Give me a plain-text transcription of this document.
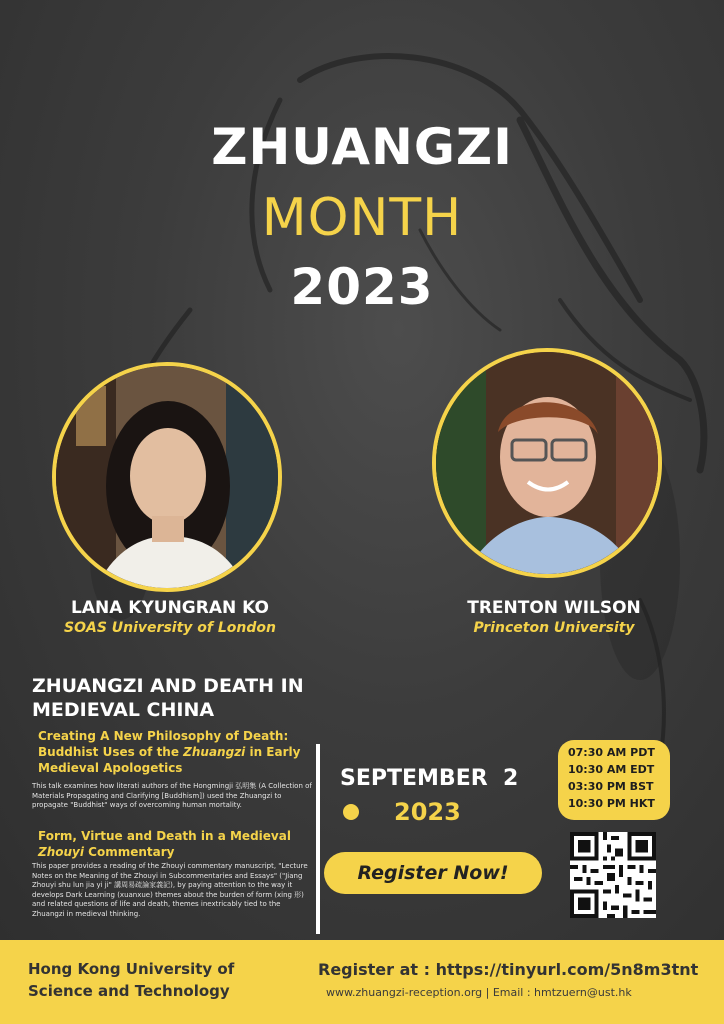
ZHUANGZI
MONTH
2023
LANA KYUNGRAN KO
SOAS University of London
TRENTON WILSON
Princeton University
ZHUANGZI AND DEATH IN MEDIEVAL CHINA
Creating A New Philosophy of Death: Buddhist Uses of the Zhuangzi in Early Medieval Apologetics
This talk examines how literati authors of the Hongmingji 弘明集 (A Collection of Materials Propagating and Clarifying [Buddhism]) used the Zhuangzi to propagate "Buddhist" ways of overcoming human mortality.
Form, Virtue and Death in a Medieval Zhouyi Commentary
This paper provides a reading of the Zhouyi commentary manuscript, "Lecture Notes on the Meaning of the Zhouyi in Subcommentaries and Essays" ("Jiang Zhouyi shu lun jia yi ji" 講周易疏論家義記), by paying attention to the way it develops Dark Learning (xuanxue) themes about the burden of form (xing 形) and related questions of life and death, themes inextricably tied to the Zhuangzi in medieval thinking.
SEPTEMBER  2
2023
Register Now!
07:30 AM PDT
10:30 AM EDT
03:30 PM BST
10:30 PM HKT
Hong Kong University of Science and Technology
Register at : https://tinyurl.com/5n8m3tnt
www.zhuangzi-reception.org | Email : hmtzuern@ust.hk
